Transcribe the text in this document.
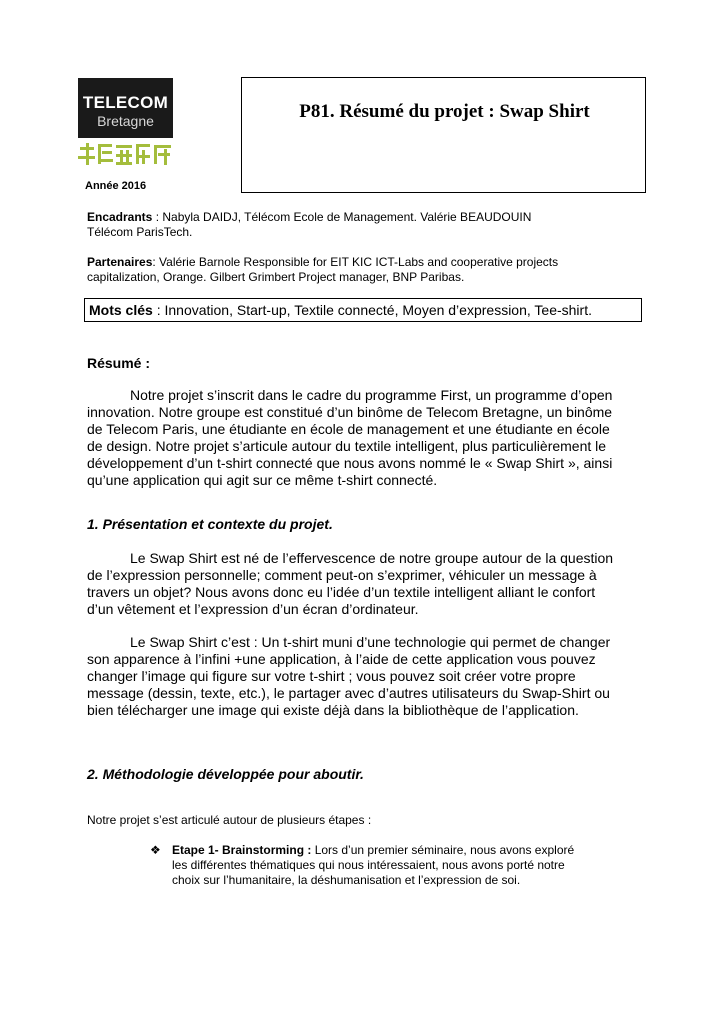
TELECOM
Bretagne
Année 2016
P81. Résumé du projet : Swap Shirt
Encadrants : Nabyla DAIDJ, Télécom Ecole de Management. Valérie BEAUDOUIN
Télécom ParisTech.
Partenaires: Valérie Barnole Responsible for EIT KIC ICT-Labs and cooperative projects
capitalization, Orange. Gilbert Grimbert Project manager, BNP Paribas.
Mots clés : Innovation, Start-up, Textile connecté, Moyen d’expression, Tee-shirt.
Résumé :
Notre projet s’inscrit dans le cadre du programme First, un programme d’open
innovation. Notre groupe est constitué d’un binôme de Telecom Bretagne, un binôme
de Telecom Paris, une étudiante en école de management et une étudiante en école
de design. Notre projet s’articule autour du textile intelligent, plus particulièrement le
développement d’un t-shirt connecté que nous avons nommé le « Swap Shirt », ainsi
qu’une application qui agit sur ce même t-shirt connecté.
1. Présentation et contexte du projet.
Le Swap Shirt est né de l’effervescence de notre groupe autour de la question
de l’expression personnelle; comment peut-on s’exprimer, véhiculer un message à
travers un objet? Nous avons donc eu l’idée d’un textile intelligent alliant le confort
d’un vêtement et l’expression d’un écran d’ordinateur.
Le Swap Shirt c’est : Un t-shirt muni d’une technologie qui permet de changer
son apparence à l’infini +une application, à l’aide de cette application vous pouvez
changer l’image qui figure sur votre t-shirt ; vous pouvez soit créer votre propre
message (dessin, texte, etc.), le partager avec d’autres utilisateurs du Swap-Shirt ou
bien télécharger une image qui existe déjà dans la bibliothèque de l’application.
2. Méthodologie développée pour aboutir.
Notre projet s’est articulé autour de plusieurs étapes :
❖ Etape 1- Brainstorming : Lors d’un premier séminaire, nous avons exploré
les différentes thématiques qui nous intéressaient, nous avons porté notre
choix sur l’humanitaire, la déshumanisation et l’expression de soi.
